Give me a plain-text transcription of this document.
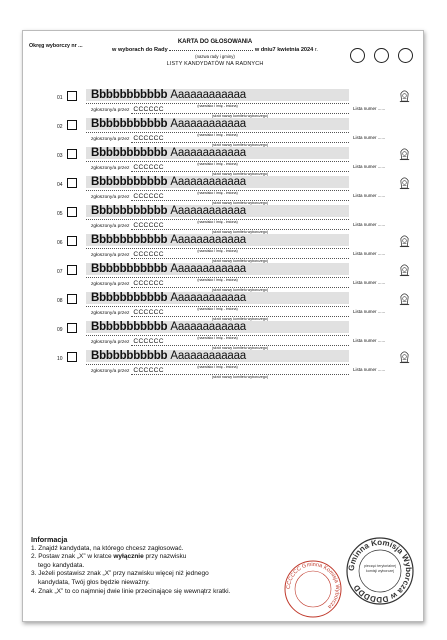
Okręg wyborczy nr ...
KARTA DO GŁOSOWANIA
w wyborach do Rady	w dniu7 kwietnia 2024 r.
(nazwa rady i gminy)
LISTY KANDYDATÓW NA RADNYCH
01	Bbbbbbbbbbb Aaaaaaaaaaaa
(nazwisko i imię - imiona)
zgłoszony/a przez CCCCCC
(skrót nazwy komitetu wyborczego)
Lista numer ......
02	Bbbbbbbbbbb Aaaaaaaaaaaa
(nazwisko i imię - imiona)
zgłoszony/a przez CCCCCC
(skrót nazwy komitetu wyborczego)
Lista numer ......
03	Bbbbbbbbbbb Aaaaaaaaaaaa
(nazwisko i imię - imiona)
zgłoszony/a przez CCCCCC
(skrót nazwy komitetu wyborczego)
Lista numer ......
04	Bbbbbbbbbbb Aaaaaaaaaaaa
(nazwisko i imię - imiona)
zgłoszony/a przez CCCCCC
(skrót nazwy komitetu wyborczego)
Lista numer ......
05	Bbbbbbbbbbb Aaaaaaaaaaaa
(nazwisko i imię - imiona)
zgłoszony/a przez CCCCCC
(skrót nazwy komitetu wyborczego)
Lista numer ......
06	Bbbbbbbbbbb Aaaaaaaaaaaa
(nazwisko i imię - imiona)
zgłoszony/a przez CCCCCC
(skrót nazwy komitetu wyborczego)
Lista numer ......
07	Bbbbbbbbbbb Aaaaaaaaaaaa
(nazwisko i imię - imiona)
zgłoszony/a przez CCCCCC
(skrót nazwy komitetu wyborczego)
Lista numer ......
08	Bbbbbbbbbbb Aaaaaaaaaaaa
(nazwisko i imię - imiona)
zgłoszony/a przez CCCCCC
(skrót nazwy komitetu wyborczego)
Lista numer ......
09	Bbbbbbbbbbb Aaaaaaaaaaaa
(nazwisko i imię - imiona)
zgłoszony/a przez CCCCCC
(skrót nazwy komitetu wyborczego)
Lista numer ......
10	Bbbbbbbbbbb Aaaaaaaaaaaa
(nazwisko i imię - imiona)
zgłoszony/a przez CCCCCC
(skrót nazwy komitetu wyborczego)
Lista numer ......
Informacja
1. Znajdź kandydata, na którego chcesz zagłosować.
2. Postaw znak „X” w kratce wyłącznie przy nazwisku
tego kandydata.
3. Jeżeli postawisz znak „X” przy nazwisku więcej niż jednego
kandydata, Twój głos będzie nieważny.
4. Znak „X” to co najmniej dwie linie przecinające się wewnątrz kratki.
CCCCCC Gminna Komisja Wyborcza
Gminna Komisja Wyborcza w DDDDDD
pieczęć terytorialnej komisji wyborczej
